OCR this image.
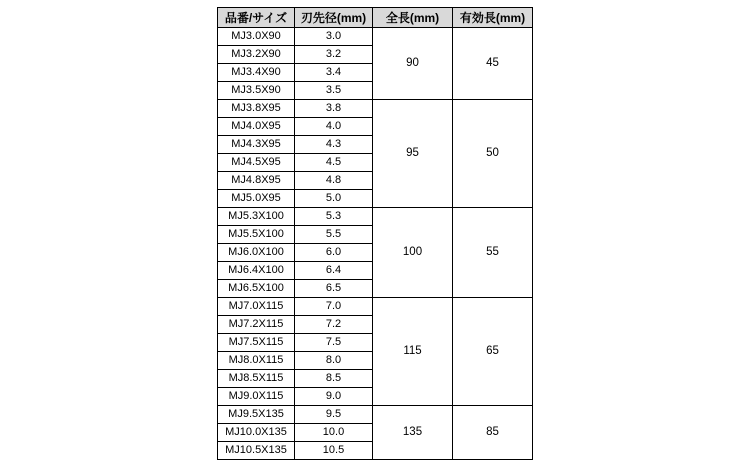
品番/サイズ	刃先径(mm)	全長(mm)	有効長(mm)
MJ3.0X90	3.0	90	45
MJ3.2X90	3.2		
MJ3.4X90	3.4		
MJ3.5X90	3.5		
MJ3.8X95	3.8	95	50
MJ4.0X95	4.0		
MJ4.3X95	4.3		
MJ4.5X95	4.5		
MJ4.8X95	4.8		
MJ5.0X95	5.0		
MJ5.3X100	5.3	100	55
MJ5.5X100	5.5		
MJ6.0X100	6.0		
MJ6.4X100	6.4		
MJ6.5X100	6.5		
MJ7.0X115	7.0	115	65
MJ7.2X115	7.2		
MJ7.5X115	7.5		
MJ8.0X115	8.0		
MJ8.5X115	8.5		
MJ9.0X115	9.0		
MJ9.5X135	9.5	135	85
MJ10.0X135	10.0		
MJ10.5X135	10.5		
